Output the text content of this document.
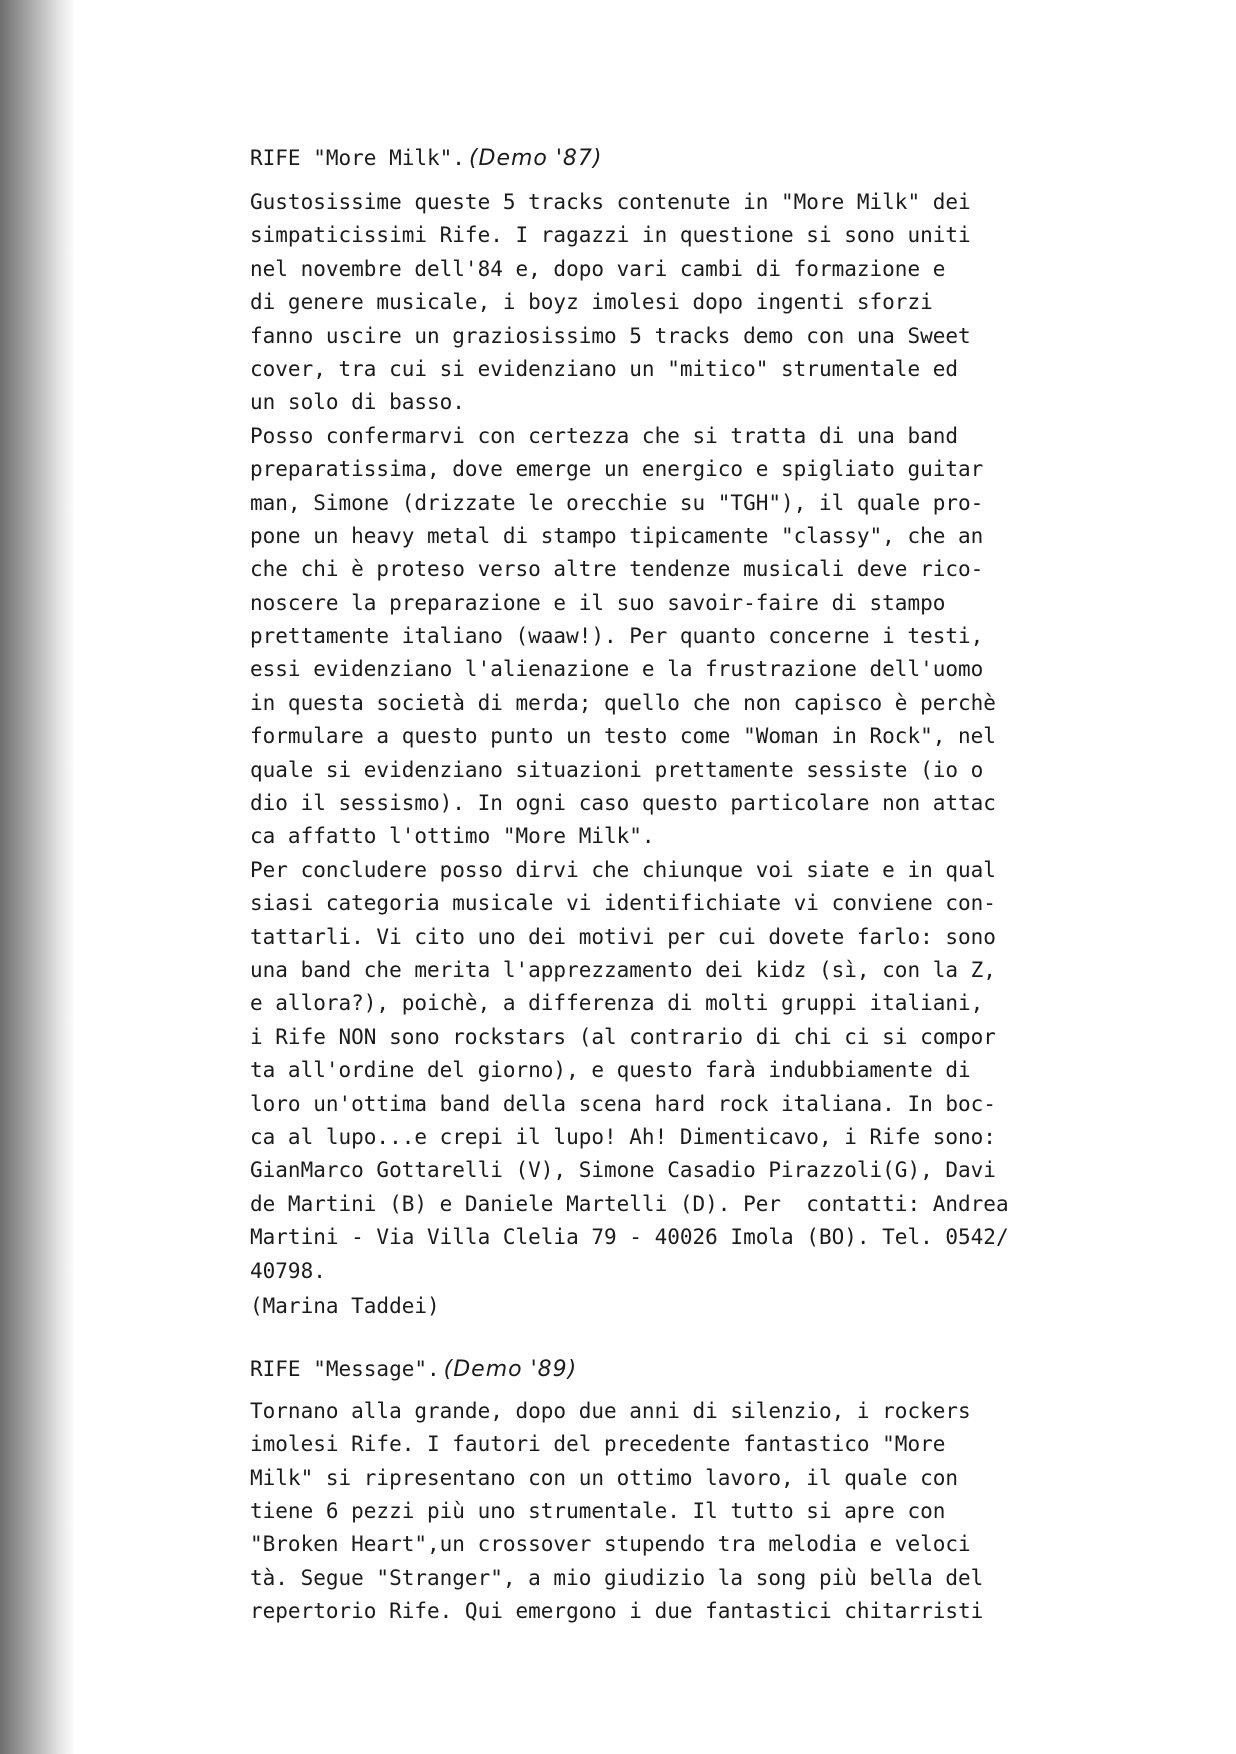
RIFE "More Milk". (Demo '87)
Gustosissime queste 5 tracks contenute in "More Milk" dei
simpaticissimi Rife. I ragazzi in questione si sono uniti
nel novembre dell'84 e, dopo vari cambi di formazione e
di genere musicale, i boyz imolesi dopo ingenti sforzi
fanno uscire un graziosissimo 5 tracks demo con una Sweet
cover, tra cui si evidenziano un "mitico" strumentale ed
un solo di basso.
Posso confermarvi con certezza che si tratta di una band
preparatissima, dove emerge un energico e spigliato guitar
man, Simone (drizzate le orecchie su "TGH"), il quale pro-
pone un heavy metal di stampo tipicamente "classy", che an
che chi è proteso verso altre tendenze musicali deve rico-
noscere la preparazione e il suo savoir-faire di stampo
prettamente italiano (waaw!). Per quanto concerne i testi,
essi evidenziano l'alienazione e la frustrazione dell'uomo
in questa società di merda; quello che non capisco è perchè
formulare a questo punto un testo come "Woman in Rock", nel
quale si evidenziano situazioni prettamente sessiste (io o
dio il sessismo). In ogni caso questo particolare non attac
ca affatto l'ottimo "More Milk".
Per concludere posso dirvi che chiunque voi siate e in qual
siasi categoria musicale vi identifichiate vi conviene con-
tattarli. Vi cito uno dei motivi per cui dovete farlo: sono
una band che merita l'apprezzamento dei kidz (sì, con la Z,
e allora?), poichè, a differenza di molti gruppi italiani,
i Rife NON sono rockstars (al contrario di chi ci si compor
ta all'ordine del giorno), e questo farà indubbiamente di
loro un'ottima band della scena hard rock italiana. In boc-
ca al lupo...e crepi il lupo! Ah! Dimenticavo, i Rife sono:
GianMarco Gottarelli (V), Simone Casadio Pirazzoli(G), Davi
de Martini (B) e Daniele Martelli (D). Per  contatti: Andrea
Martini - Via Villa Clelia 79 - 40026 Imola (BO). Tel. 0542/
40798.
(Marina Taddei)
RIFE "Message". (Demo '89)
Tornano alla grande, dopo due anni di silenzio, i rockers
imolesi Rife. I fautori del precedente fantastico "More
Milk" si ripresentano con un ottimo lavoro, il quale con
tiene 6 pezzi più uno strumentale. Il tutto si apre con
"Broken Heart",un crossover stupendo tra melodia e veloci
tà. Segue "Stranger", a mio giudizio la song più bella del
repertorio Rife. Qui emergono i due fantastici chitarristi
